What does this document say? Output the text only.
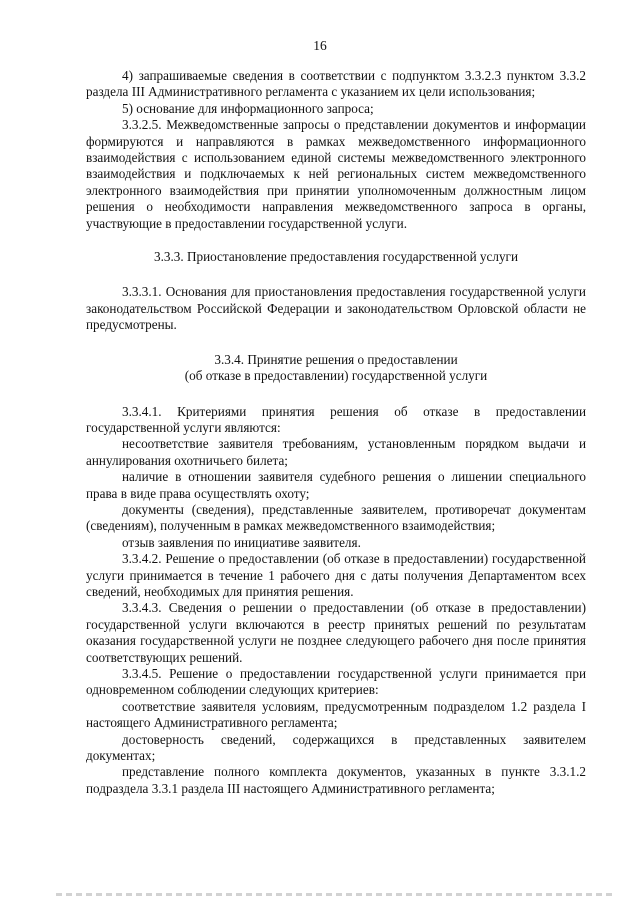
16

4) запрашиваемые сведения в соответствии с подпунктом 3.3.2.3 пунктом 3.3.2 раздела III Административного регламента с указанием их цели использования;

5) основание для информационного запроса;

3.3.2.5. Межведомственные запросы о представлении документов и информации формируются и направляются в рамках межведомственного информационного взаимодействия с использованием единой системы межведомственного электронного взаимодействия и подключаемых к ней региональных систем межведомственного электронного взаимодействия при принятии уполномоченным должностным лицом решения о необходимости направления межведомственного запроса в органы, участвующие в предоставлении государственной услуги.

3.3.3. Приостановление предоставления государственной услуги

3.3.3.1. Основания для приостановления предоставления государственной услуги законодательством Российской Федерации и законодательством Орловской области не предусмотрены.

3.3.4. Принятие решения о предоставлении

(об отказе в предоставлении) государственной услуги

3.3.4.1. Критериями принятия решения об отказе в предоставлении государственной услуги являются:

несоответствие заявителя требованиям, установленным порядком выдачи и аннулирования охотничьего билета;

наличие в отношении заявителя судебного решения о лишении специального права в виде права осуществлять охоту;

документы (сведения), представленные заявителем, противоречат документам (сведениям), полученным в рамках межведомственного взаимодействия;

отзыв заявления по инициативе заявителя.

3.3.4.2. Решение о предоставлении (об отказе в предоставлении) государственной услуги принимается в течение 1 рабочего дня с даты получения Департаментом всех сведений, необходимых для принятия решения.

3.3.4.3. Сведения о решении о предоставлении (об отказе в предоставлении) государственной услуги включаются в реестр принятых решений по результатам оказания государственной услуги не позднее следующего рабочего дня после принятия соответствующих решений.

3.3.4.5. Решение о предоставлении государственной услуги принимается при одновременном соблюдении следующих критериев:

соответствие заявителя условиям, предусмотренным подразделом 1.2 раздела I настоящего Административного регламента;

достоверность сведений, содержащихся в представленных заявителем документах;

представление полного комплекта документов, указанных в пункте 3.3.1.2 подраздела 3.3.1 раздела III настоящего Административного регламента;
